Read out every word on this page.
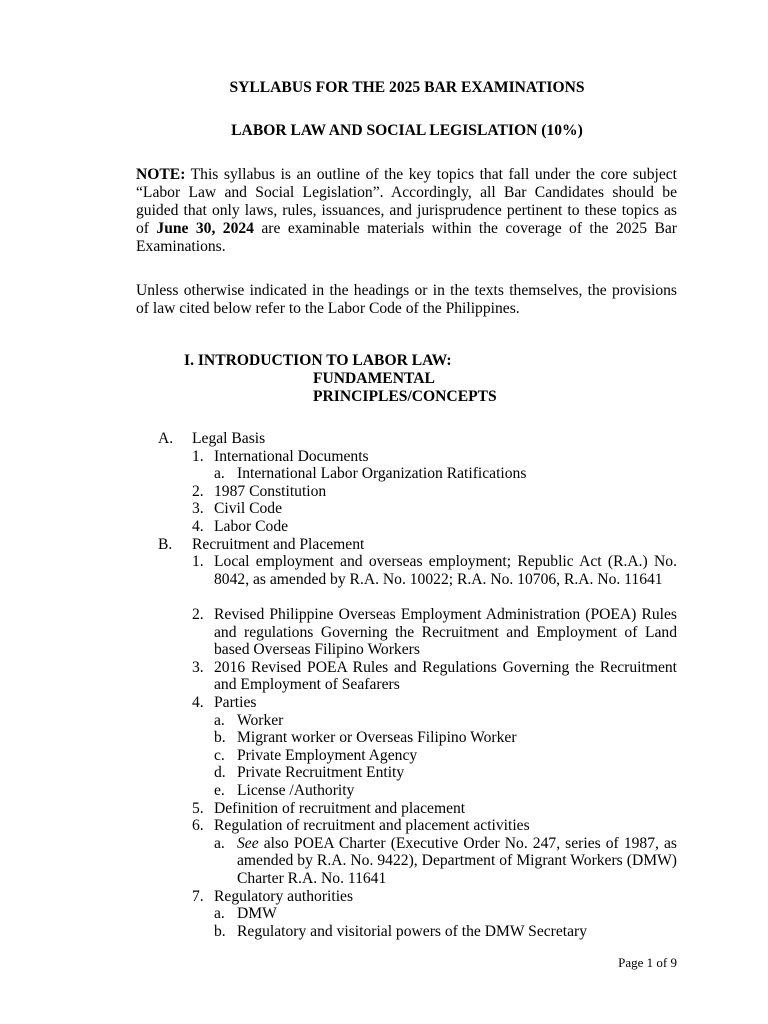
SYLLABUS FOR THE 2025 BAR EXAMINATIONS
LABOR LAW AND SOCIAL LEGISLATION (10%)
NOTE: This syllabus is an outline of the key topics that fall under the core subject “Labor Law and Social Legislation”. Accordingly, all Bar Candidates should be guided that only laws, rules, issuances, and jurisprudence pertinent to these topics as of June 30, 2024 are examinable materials within the coverage of the 2025 Bar Examinations.
Unless otherwise indicated in the headings or in the texts themselves, the provisions of law cited below refer to the Labor Code of the Philippines.
I. INTRODUCTION TO LABOR LAW:
FUNDAMENTAL
PRINCIPLES/CONCEPTS
A. Legal Basis
1. International Documents
a. International Labor Organization Ratifications
2. 1987 Constitution
3. Civil Code
4. Labor Code
B. Recruitment and Placement
1. Local employment and overseas employment; Republic Act (R.A.) No. 8042, as amended by R.A. No. 10022; R.A. No. 10706, R.A. No. 11641
2. Revised Philippine Overseas Employment Administration (POEA) Rules and regulations Governing the Recruitment and Employment of Land based Overseas Filipino Workers
3. 2016 Revised POEA Rules and Regulations Governing the Recruitment and Employment of Seafarers
4. Parties
a. Worker
b. Migrant worker or Overseas Filipino Worker
c. Private Employment Agency
d. Private Recruitment Entity
e. License /Authority
5. Definition of recruitment and placement
6. Regulation of recruitment and placement activities
a. See also POEA Charter (Executive Order No. 247, series of 1987, as amended by R.A. No. 9422), Department of Migrant Workers (DMW) Charter R.A. No. 11641
7. Regulatory authorities
a. DMW
b. Regulatory and visitorial powers of the DMW Secretary
Page 1 of 9
